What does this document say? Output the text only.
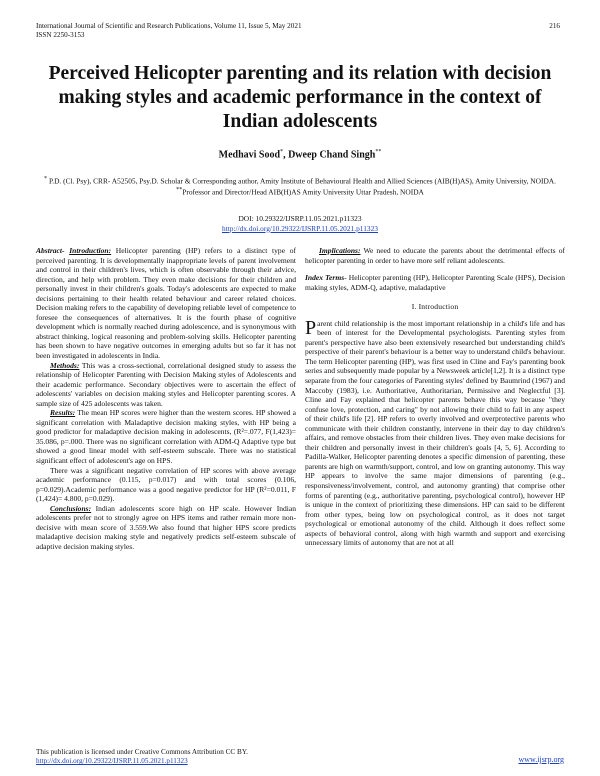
International Journal of Scientific and Research Publications, Volume 11, Issue 5, May 2021
ISSN 2250-3153
216
Perceived Helicopter parenting and its relation with decision making styles and academic performance in the context of Indian adolescents
Medhavi Sood*, Dweep Chand Singh**
* P.D. (Cl. Psy), CRR- A52505, Psy.D. Scholar & Corresponding author, Amity Institute of Behavioural Health and Allied Sciences (AIB(H)AS), Amity University, NOIDA.
**Professor and Director/Head AIB(H)AS Amity University Uttar Pradesh, NOIDA
DOI: 10.29322/IJSRP.11.05.2021.p11323
http://dx.doi.org/10.29322/IJSRP.11.05.2021.p11323

Abstract- Introduction: Helicopter parenting (HP) refers to a distinct type of perceived parenting. It is developmentally inappropriate levels of parent involvement and control in their children's lives, which is often observable through their advice, direction, and help with problem. They even make decisions for their children and personally invest in their children's goals. Today's adolescents are expected to make decisions pertaining to their health related behaviour and career related choices. Decision making refers to the capability of developing reliable level of competence to foresee the consequences of alternatives. It is the fourth phase of cognitive development which is normally reached during adolescence, and is synonymous with abstract thinking, logical reasoning and problem-solving skills. Helicopter parenting has been shown to have negative outcomes in emerging adults but so far it has not been investigated in adolescents in India.

Methods: This was a cross-sectional, correlational designed study to assess the relationship of Helicopter Parenting with Decision Making styles of Adolescents and their academic performance. Secondary objectives were to ascertain the effect of adolescents' variables on decision making styles and Helicopter parenting scores. A sample size of 425 adolescents was taken.

Results: The mean HP scores were higher than the western scores. HP showed a significant correlation with Maladaptive decision making styles, with HP being a good predictor for maladaptive decision making in adolescents, (R²=.077, F(1,423)= 35.086, p=.000. There was no significant correlation with ADM-Q Adaptive type but showed a good linear model with self-esteem subscale. There was no statistical significant effect of adolescent's age on HPS.

There was a significant negative correlation of HP scores with above average academic performance (0.115, p=0.017) and with total scores (0.106, p=0.029).Academic performance was a good negative predictor for HP (R²=0.011, F (1,424)= 4.800, p=0.029).

Conclusions: Indian adolescents score high on HP scale. However Indian adolescents prefer not to strongly agree on HPS items and rather remain more non-decisive with mean score of 3.559.We also found that higher HPS score predicts maladaptive decision making style and negatively predicts self-esteem subscale of adaptive decision making styles.

Implications: We need to educate the parents about the detrimental effects of helicopter parenting in order to have more self reliant adolescents.

Index Terms- Helicopter parenting (HP), Helicopter Parenting Scale (HPS), Decision making styles, ADM-Q, adaptive, maladaptive

I. Introduction

Parent child relationship is the most important relationship in a child's life and has been of interest for the Developmental psychologists. Parenting styles from parent's perspective have also been extensively researched but understanding child's perspective of their parent's behaviour is a better way to understand child's behaviour. The term Helicopter parenting (HP), was first used in Cline and Fay's parenting book series and subsequently made popular by a Newsweek article[1,2]. It is a distinct type separate from the four categories of Parenting styles' defined by Baumrind (1967) and Maccoby (1983), i.e. Authoritative, Authoritarian, Permissive and Neglectful [3]. Cline and Fay explained that helicopter parents behave this way because "they confuse love, protection, and caring" by not allowing their child to fail in any aspect of their child's life [2]. HP refers to overly involved and overprotective parents who communicate with their children constantly, intervene in their day to day children's affairs, and remove obstacles from their children lives. They even make decisions for their children and personally invest in their children's goals [4, 5, 6]. According to Padilla-Walker, Helicopter parenting denotes a specific dimension of parenting, these parents are high on warmth/support, control, and low on granting autonomy. This way HP appears to involve the same major dimensions of parenting (e.g., responsiveness/involvement, control, and autonomy granting) that comprise other forms of parenting (e.g., authoritative parenting, psychological control), however HP is unique in the context of prioritizing these dimensions. HP can said to be different from other types, being low on psychological control, as it does not target psychological or emotional autonomy of the child. Although it does reflect some aspects of behavioral control, along with high warmth and support and exercising unnecessary limits of autonomy that are not at all

This publication is licensed under Creative Commons Attribution CC BY.
http://dx.doi.org/10.29322/IJSRP.11.05.2021.p11323	www.ijsrp.org
